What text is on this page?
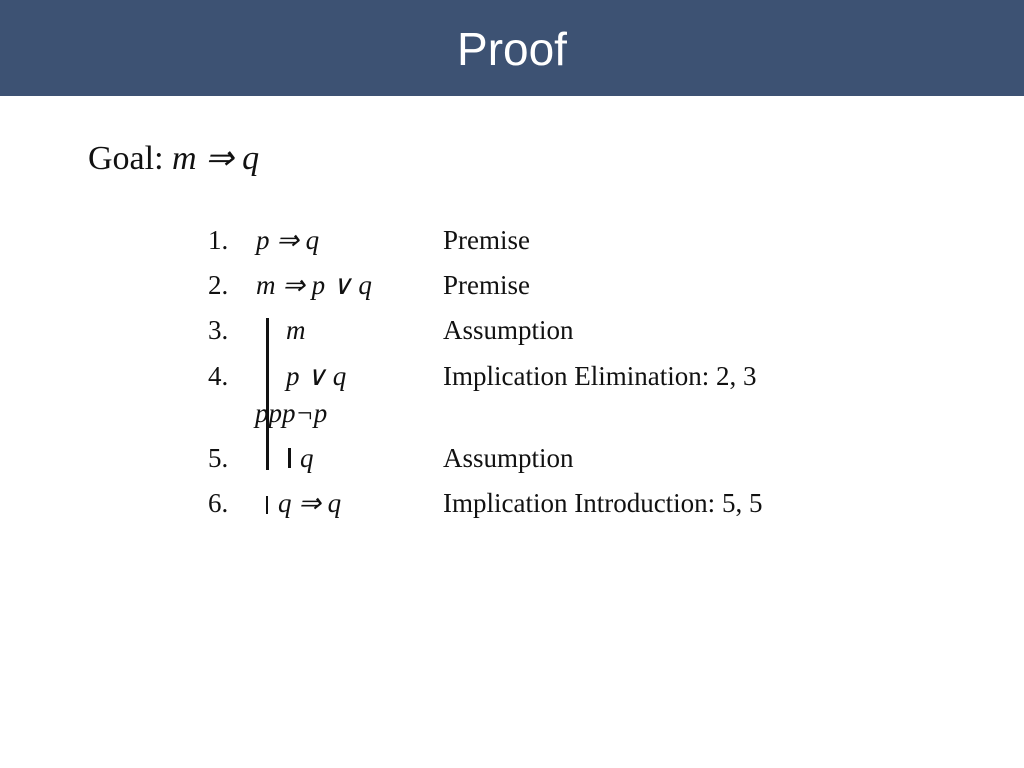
Proof
Goal: m ⇒ q
1. p ⇒ q	Premise
2. m ⇒ p ∨ q	Premise
3. m	Assumption
4. p ∨ q	Implication Elimination: 2, 3
ppp¬p
5.	q	Assumption
6. q ⇒ q	Implication Introduction: 5, 5
